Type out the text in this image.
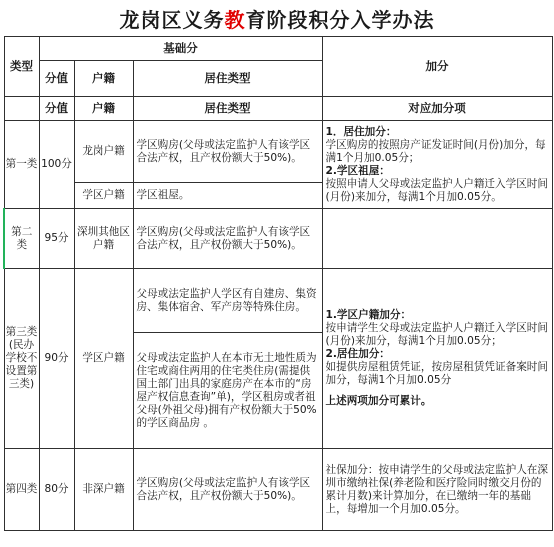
龙岗区义务 教 育阶段积分入学办法
类型	基础分			加分
	分值	户籍	居住类型	
	分值	户籍	居住类型	对应加分项
第一类	100分	龙岗户籍	学区购房(父母或法定监护人有该学区合法产权，且产权份额大于50%)。	1．居住加分：

学区购房的按照房产证发证时间(月份)加分，每满1个月加0.05分；

2.学区祖屋：

按照申请人父母或法定监护人户籍迁入学区时间(月份)来加分，每满1个月加0.05分。

		学区户籍	学区祖屋。	
第二类	95分	深圳其他区户籍	学区购房(父母或法定监护人有该学区合法产权，且产权份额大于50%)。	
第三类(民办学校不设置第三类)	90分	学区户籍	父母或法定监护人学区有自建房、集资房、集体宿舍、军产房等特殊住房。	1.学区户籍加分：

按申请学生父母或法定监护人户籍迁入学区时间(月份)来加分，每满1个月加0.05分；

2.居住加分：

如提供房屋租赁凭证，按房屋租赁凭证备案时间加分，每满1个月加0.05分

上述两项加分可累计。

			父母或法定监护人在本市无土地性质为住宅或商住两用的住宅类住房(需提供国土部门出具的家庭房产在本市的“房屋产权信息查询”单)，学区租房或者祖父母(外祖父母)拥有产权份额大于50%的学区商品房 。	
第四类	80分	非深户籍	学区购房(父母或法定监护人有该学区合法产权，且产权份额大于50%)。	社保加分：按申请学生的父母或法定监护人在深圳市缴纳社保(养老险和医疗险同时缴交月份的累计月数)来计算加分，在已缴纳一年的基础上，每增加一个月加0.05分。
